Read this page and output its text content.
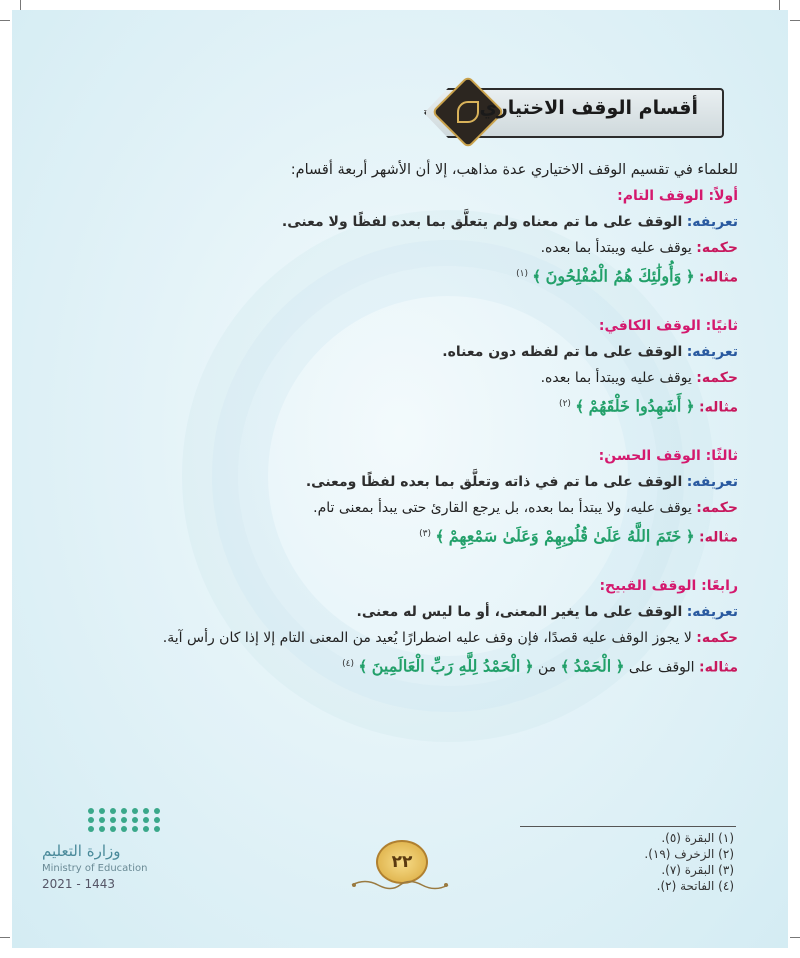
أقسام الوقف الاختياري
للعلماء في تقسيم الوقف الاختياري عدة مذاهب، إلا أن الأشهر أربعة أقسام:
أولاً: الوقف التام:
تعريفه: الوقف على ما تم معناه ولم يتعلَّق بما بعده لفظًا ولا معنى.
حكمه: يوقف عليه ويبتدأ بما بعده.
مثاله: ﴿ وَأُولَٰئِكَ هُمُ الْمُفْلِحُونَ ﴾ $^{(١)}$
ثانيًا: الوقف الكافي:
تعريفه: الوقف على ما تم لفظه دون معناه.
حكمه: يوقف عليه ويبتدأ بما بعده.
مثاله: ﴿ أَشَهِدُوا خَلْقَهُمْ ﴾ $^{(٢)}$
ثالثًا: الوقف الحسن:
تعريفه: الوقف على ما تم في ذاته وتعلَّق بما بعده لفظًا ومعنى.
حكمه: يوقف عليه، ولا يبتدأ بما بعده، بل يرجع القارئ حتى يبدأ بمعنى تام.
مثاله: ﴿ خَتَمَ اللَّهُ عَلَىٰ قُلُوبِهِمْ وَعَلَىٰ سَمْعِهِمْ ﴾ $^{(٣)}$
رابعًا: الوقف القبيح:
تعريفه: الوقف على ما يغير المعنى، أو ما ليس له معنى.
حكمه: لا يجوز الوقف عليه قصدًا، فإن وقف عليه اضطرارًا يُعيد من المعنى التام إلا إذا كان رأس آية.
مثاله: الوقف على ﴿ الْحَمْدُ ﴾ من ﴿ الْحَمْدُ لِلَّهِ رَبِّ الْعَالَمِينَ ﴾ $^{(٤)}$
(١) البقرة (٥).
(٢) الزخرف (١٩).
(٣) البقرة (٧).
(٤) الفاتحة (٢).
٢٢
وزارة التعليم
Ministry of Education
2021 - 1443
